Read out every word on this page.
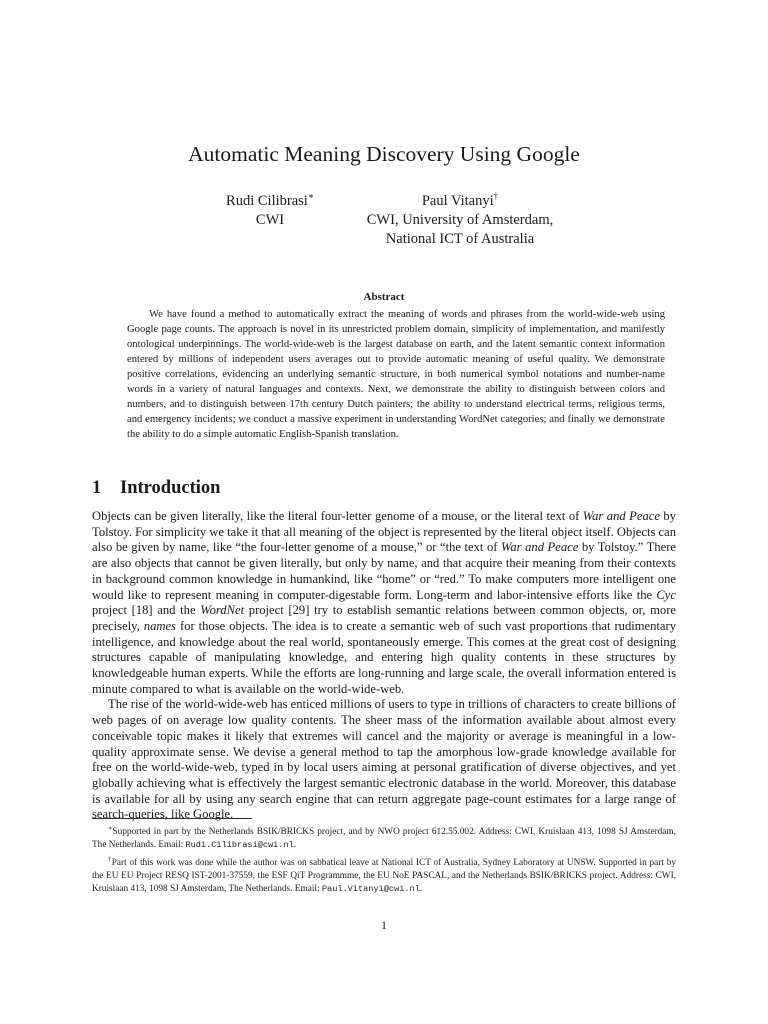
Automatic Meaning Discovery Using Google
Rudi Cilibrasi∗
CWI
Paul Vitanyi†
CWI, University of Amsterdam,
National ICT of Australia
Abstract
We have found a method to automatically extract the meaning of words and phrases from the world-wide-web using Google page counts. The approach is novel in its unrestricted problem domain, simplicity of implementation, and manifestly ontological underpinnings. The world-wide-web is the largest database on earth, and the latent semantic context information entered by millions of independent users averages out to provide automatic meaning of useful quality. We demonstrate positive correlations, evidencing an underlying semantic structure, in both numerical symbol notations and number-name words in a variety of natural languages and contexts. Next, we demonstrate the ability to distinguish between colors and numbers, and to distinguish between 17th century Dutch painters; the ability to understand electrical terms, religious terms, and emergency incidents; we conduct a massive experiment in understanding WordNet categories; and finally we demonstrate the ability to do a simple automatic English-Spanish translation.
1 Introduction

Objects can be given literally, like the literal four-letter genome of a mouse, or the literal text of War and Peace by Tolstoy. For simplicity we take it that all meaning of the object is represented by the literal object itself. Objects can also be given by name, like “the four-letter genome of a mouse,” or “the text of War and Peace by Tolstoy.” There are also objects that cannot be given literally, but only by name, and that acquire their meaning from their contexts in background common knowledge in humankind, like “home” or “red.” To make computers more intelligent one would like to represent meaning in computer-digestable form. Long-term and labor-intensive efforts like the Cyc project [18] and the WordNet project [29] try to establish semantic relations between common objects, or, more precisely, names for those objects. The idea is to create a semantic web of such vast proportions that rudimentary intelligence, and knowledge about the real world, spontaneously emerge. This comes at the great cost of designing structures capable of manipulating knowledge, and entering high quality contents in these structures by knowledgeable human experts. While the efforts are long-running and large scale, the overall information entered is minute compared to what is available on the world-wide-web.

The rise of the world-wide-web has enticed millions of users to type in trillions of characters to create billions of web pages of on average low quality contents. The sheer mass of the information available about almost every conceivable topic makes it likely that extremes will cancel and the majority or average is meaningful in a low-quality approximate sense. We devise a general method to tap the amorphous low-grade knowledge available for free on the world-wide-web, typed in by local users aiming at personal gratification of diverse objectives, and yet globally achieving what is effectively the largest semantic electronic database in the world. Moreover, this database is available for all by using any search engine that can return aggregate page-count estimates for a large range of search-queries, like Google.

∗Supported in part by the Netherlands BSIK/BRICKS project, and by NWO project 612.55.002. Address: CWI, Kruislaan 413, 1098 SJ Amsterdam, The Netherlands. Email: Rudi.Cilibrasi@cwi.nl.

†Part of this work was done while the author was on sabbatical leave at National ICT of Australia, Sydney Laboratory at UNSW. Supported in part by the EU EU Project RESQ IST-2001-37559, the ESF QiT Programmme, the EU NoE PASCAL, and the Netherlands BSIK/BRICKS project. Address: CWI, Kruislaan 413, 1098 SJ Amsterdam, The Netherlands. Email: Paul.Vitanyi@cwi.nl.

1
